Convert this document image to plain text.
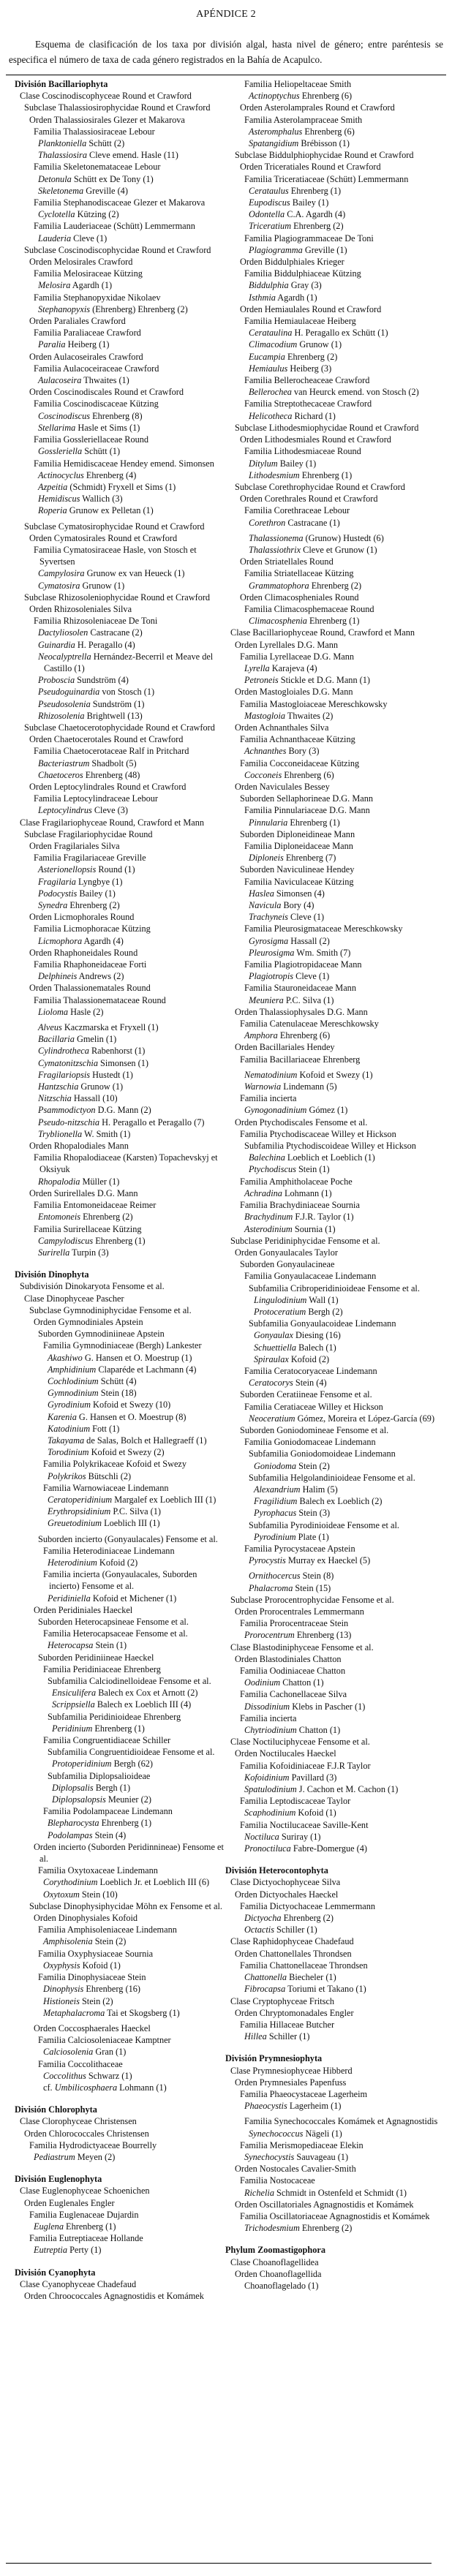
APÉNDICE 2

Esquema de clasificación de los taxa por división algal, hasta nivel de género; entre paréntesis se especifica el número de taxa de cada género registrados en la Bahía de Acapulco.

División Bacillariophyta
Clase Coscinodiscophyceae Round et Crawford
Subclase Thalassiosirophycidae Round et Crawford
Orden Thalassiosirales Glezer et Makarova
Familia Thalassiosiraceae Lebour
Planktoniella Schütt (2)
Thalassiosira Cleve emend. Hasle (11)
Familia Skeletonemataceae Lebour
Detonula Schütt ex De Tony (1)
Skeletonema Greville (4)
Familia Stephanodiscaceae Glezer et Makarova
Cyclotella Kützing (2)
Familia Lauderiaceae (Schütt) Lemmermann
Lauderia Cleve (1)
Subclase Coscinodiscophycidae Round et Crawford
Orden Melosirales Crawford
Familia Melosiraceae Kützing
Melosira Agardh (1)
Familia Stephanopyxidae Nikolaev
Stephanopyxis (Ehrenberg) Ehrenberg (2)
Orden Paraliales Crawford
Familia Paraliaceae Crawford
Paralia Heiberg (1)
Orden Aulacoseirales Crawford
Familia Aulacoceiraceae Crawford
Aulacoseira Thwaites (1)
Orden Coscinodiscales Round et Crawford
Familia Coscinodiscaceae Kützing
Coscinodiscus Ehrenberg (8)
Stellarima Hasle et Sims (1)
Familia Gossleriellaceae Round
Gossleriella Schütt (1)
Familia Hemidiscaceae Hendey emend. Simonsen
Actinocyclus Ehrenberg (4)
Azpeitia (Schmidt) Fryxell et Sims (1)
Hemidiscus Wallich (3)
Roperia Grunow ex Pelletan (1)
Subclase Cymatosirophycidae Round et Crawford
Orden Cymatosirales Round et Crawford
Familia Cymatosiraceae Hasle, von Stosch et Syvertsen
Campylosira Grunow ex van Heueck (1)
Cymatosira Grunow (1)
Subclase Rhizosoleniophycidae Round et Crawford
Orden Rhizosoleniales Silva
Familia Rhizosoleniaceae De Toni
Dactyliosolen Castracane (2)
Guinardia H. Peragallo (4)
Neocalyptrella Hernández-Becerril et Meave del Castillo (1)
Proboscia Sundström (4)
Pseudoguinardia von Stosch (1)
Pseudosolenia Sundström (1)
Rhizosolenia Brightwell (13)
Subclase Chaetocerotophycidade Round et Crawford
Orden Chaetocerotales Round et Crawford
Familia Chaetocerotaceae Ralf in Pritchard
Bacteriastrum Shadbolt (5)
Chaetoceros Ehrenberg (48)
Orden Leptocylindrales Round et Crawford
Familia Leptocylindraceae Lebour
Leptocylindrus Cleve (3)
Clase Fragilariophyceae Round, Crawford et Mann
Subclase Fragilariophycidae Round
Orden Fragilariales Silva
Familia Fragilariaceae Greville
Asterionellopsis Round (1)
Fragilaria Lyngbye (1)
Podocystis Bailey (1)
Synedra Ehrenberg (2)
Orden Licmophorales Round
Familia Licmophoracae Kützing
Licmophora Agardh (4)
Orden Rhaphoneidales Round
Familia Rhaphoneidaceae Forti
Delphineis Andrews (2)
Orden Thalassionematales Round
Familia Thalassionemataceae Round
Lioloma Hasle (2)
Alveus Kaczmarska et Fryxell (1)
Bacillaria Gmelin (1)
Cylindrotheca Rabenhorst (1)
Cymatonitzschia Simonsen (1)
Fragilariopsis Hustedt (1)
Hantzschia Grunow (1)
Nitzschia Hassall (10)
Psammodictyon D.G. Mann (2)
Pseudo-nitzschia H. Peragallo et Peragallo (7)
Tryblionella W. Smith (1)
Orden Rhopalodiales Mann
Familia Rhopalodiaceae (Karsten) Topachevskyj et Oksiyuk
Rhopalodia Müller (1)
Orden Surirellales D.G. Mann
Familia Entomoneidaceae Reimer
Entomoneis Ehrenberg (2)
Familia Surirellaceae Kützing
Campylodiscus Ehrenberg (1)
Surirella Turpin (3)
División Dinophyta
Subdivisión Dinokaryota Fensome et al.
Clase Dinophyceae Pascher
Subclase Gymnodiniphycidae Fensome et al.
Orden Gymnodiniales Apstein
Suborden Gymnodiniineae Apstein
Familia Gymnodiniaceae (Bergh) Lankester
Akashiwo G. Hansen et O. Moestrup (1)
Amphidinium Claparéde et Lachmann (4)
Cochlodinium Schütt (4)
Gymnodinium Stein (18)
Gyrodinium Kofoid et Swezy (10)
Karenia G. Hansen et O. Moestrup (8)
Katodinium Fott (1)
Takayama de Salas, Bolch et Hallegraeff (1)
Torodinium Kofoid et Swezy (2)
Familia Polykrikaceae Kofoid et Swezy
Polykrikos Bütschli (2)
Familia Warnowiaceae Lindemann
Ceratoperidinium Margalef ex Loeblich III (1)
Erythropsidinium P.C. Silva (1)
Greuetodinium Loeblich III (1)
Suborden incierto (Gonyaulacales) Fensome et al.
Familia Heterodiniaceae Lindemann
Heterodinium Kofoid (2)
Familia incierta (Gonyaulacales, Suborden incierto) Fensome et al.
Peridiniella Kofoid et Michener (1)
Orden Peridiniales Haeckel
Suborden Heterocapsineae Fensome et al.
Familia Heterocapsaceae Fensome et al.
Heterocapsa Stein (1)
Suborden Peridiniineae Haeckel
Familia Peridiniaceae Ehrenberg
Subfamilia Calciodinelloideae Fensome et al.
Ensiculifera Balech ex Cox et Arnott (2)
Scrippsiella Balech ex Loeblich III (4)
Subfamilia Peridinioideae Ehrenberg
Peridinium Ehrenberg (1)
Familia Congruentidiaceae Schiller
Subfamilia Congruentidioideae Fensome et al.
Protoperidinium Bergh (62)
Subfamilia Diplopsalioideae
Diplopsalis Bergh (1)
Diplopsalopsis Meunier (2)
Familia Podolampaceae Lindemann
Blepharocysta Ehrenberg (1)
Podolampas Stein (4)
Orden incierto (Suborden Peridinnineae) Fensome et al.
Familia Oxytoxaceae Lindemann
Corythodinium Loeblich Jr. et Loeblich III (6)
Oxytoxum Stein (10)
Subclase Dinophysiphycidae Möhn ex Fensome et al.
Orden Dinophysiales Kofoid
Familia Amphisoleniaceae Lindemann
Amphisolenia Stein (2)
Familia Oxyphysiaceae Sournia
Oxyphysis Kofoid (1)
Familia Dinophysiaceae Stein
Dinophysis Ehrenberg (16)
Histioneis Stein (2)
Metaphalacroma Tai et Skogsberg (1)
Orden Coccosphaerales Haeckel
Familia Calciosoleniaceae Kamptner
Calciosolenia Gran (1)
Familia Coccolithaceae
Coccolithus Schwarz (1)
cf. Umbilicosphaera Lohmann (1)
División Chlorophyta
Clase Clorophyceae Christensen
Orden Chlorococcales Christensen
Familia Hydrodictyaceae Bourrelly
Pediastrum Meyen (2)
División Euglenophyta
Clase Euglenophyceae Schoenichen
Orden Euglenales Engler
Familia Euglenaceae Dujardin
Euglena Ehrenberg (1)
Familia Eutreptiaceae Hollande
Eutreptia Perty (1)
División Cyanophyta
Clase Cyanophyceae Chadefaud
Orden Chroococcales Agnagnostidis et Komámek
Familia Heliopeltaceae Smith
Actinoptychus Ehrenberg (6)
Orden Asterolamprales Round et Crawford
Familia Asterolampraceae Smith
Asteromphalus Ehrenberg (6)
Spatangidium Brébisson (1)
Subclase Biddulphiophycidae Round et Crawford
Orden Triceratiales Round et Crawford
Familia Triceratiaceae (Schütt) Lemmermann
Cerataulus Ehrenberg (1)
Eupodiscus Bailey (1)
Odontella C.A. Agardh (4)
Triceratium Ehrenberg (2)
Familia Plagiogrammaceae De Toni
Plagiogramma Greville (1)
Orden Biddulphiales Krieger
Familia Biddulphiaceae Kützing
Biddulphia Gray (3)
Isthmia Agardh (1)
Orden Hemiaulales Round et Crawford
Familia Hemiaulaceae Heiberg
Cerataulina H. Peragallo ex Schütt (1)
Climacodium Grunow (1)
Eucampia Ehrenberg (2)
Hemiaulus Heiberg (3)
Familia Bellerocheaceae Crawford
Bellerochea van Heurck emend. von Stosch (2)
Familia Streptothecaceae Crawford
Helicotheca Richard (1)
Subclase Lithodesmiophycidae Round et Crawford
Orden Lithodesmiales Round et Crawford
Familia Lithodesmiaceae Round
Ditylum Bailey (1)
Lithodesmium Ehrenberg (1)
Subclase Corethrophycidae Round et Crawford
Orden Corethrales Round et Crawford
Familia Corethraceae Lebour
Corethron Castracane (1)
Thalassionema (Grunow) Hustedt (6)
Thalassiothrix Cleve et Grunow (1)
Orden Striatellales Round
Familia Striatellaceae Kützing
Grammatophora Ehrenberg (2)
Orden Climacospheniales Round
Familia Climacosphemaceae Round
Climacosphenia Ehrenberg (1)
Clase Bacillariophyceae Round, Crawford et Mann
Orden Lyrellales D.G. Mann
Familia Lyrellaceae D.G. Mann
Lyrella Karajeva (4)
Petroneis Stickle et D.G. Mann (1)
Orden Mastogloiales D.G. Mann
Familia Mastogloiaceae Mereschkowsky
Mastogloia Thwaites (2)
Orden Achnanthales Silva
Familia Achnanthaceae Kützing
Achnanthes Bory (3)
Familia Cocconeidaceae Kützing
Cocconeis Ehrenberg (6)
Orden Naviculales Bessey
Suborden Sellaphorineae D.G. Mann
Familia Pinnulariaceae D.G. Mann
Pinnularia Ehrenberg (1)
Suborden Diploneidineae Mann
Familia Diploneidaceae Mann
Diploneis Ehrenberg (7)
Suborden Naviculineae Hendey
Familia Naviculaceae Kützing
Haslea Simonsen (4)
Navicula Bory (4)
Trachyneis Cleve (1)
Familia Pleurosigmataceae Mereschkowsky
Gyrosigma Hassall (2)
Pleurosigma Wm. Smith (7)
Familia Plagiotropidaceae Mann
Plagiotropis Cleve (1)
Familia Stauroneidaceae Mann
Meuniera P.C. Silva (1)
Orden Thalassiophysales D.G. Mann
Familia Catenulaceae Mereschkowsky
Amphora Ehrenberg (6)
Orden Bacillariales Hendey
Familia Bacillariaceae Ehrenberg
Nematodinium Kofoid et Swezy (1)
Warnowia Lindemann (5)
Familia incierta
Gynogonadinium Gómez (1)
Orden Ptychodiscales Fensome et al.
Familia Ptychodiscaceae Willey et Hickson
Subfamilia Ptychodiscoideae Willey et Hickson
Balechina Loeblich et Loeblich (1)
Ptychodiscus Stein (1)
Familia Amphitholaceae Poche
Achradina Lohmann (1)
Familia Brachydiniaceae Sournia
Brachydinum F.J.R. Taylor (1)
Asterodinium Sournia (1)
Subclase Peridiniphycidae Fensome et al.
Orden Gonyaulacales Taylor
Suborden Gonyaulacineae
Familia Gonyaulacaceae Lindemann
Subfamilia Cribroperidinioideae Fensome et al.
Lingulodinium Wall (1)
Protoceratium Bergh (2)
Subfamilia Gonyaulacoideae Lindemann
Gonyaulax Diesing (16)
Schuettiella Balech (1)
Spiraulax Kofoid (2)
Familia Ceratocoryaceae Lindemann
Ceratocorys Stein (4)
Suborden Ceratiineae Fensome et al.
Familia Ceratiaceae Willey et Hickson
Neoceratium Gómez, Moreira et López-García (69)
Suborden Goniodomineae Fensome et al.
Familia Goniodomaceae Lindemann
Subfamilia Goniodomoideae Lindemann
Goniodoma Stein (2)
Subfamilia Helgolandinioideae Fensome et al.
Alexandrium Halim (5)
Fragilidium Balech ex Loeblich (2)
Pyrophacus Stein (3)
Subfamilia Pyrodinioideae Fensome et al.
Pyrodinium Plate (1)
Familia Pyrocystaceae Apstein
Pyrocystis Murray ex Haeckel (5)
Ornithocercus Stein (8)
Phalacroma Stein (15)
Subclase Prorocentrophycidae Fensome et al.
Orden Prorocentrales Lemmermann
Familia Prorocentraceae Stein
Prorocentrum Ehrenberg (13)
Clase Blastodiniphyceae Fensome et al.
Orden Blastodiniales Chatton
Familia Oodiniaceae Chatton
Oodinium Chatton (1)
Familia Cachonellaceae Silva
Dissodinium Klebs in Pascher (1)
Familia incierta
Chytriodinium Chatton (1)
Clase Noctiluciphyceae Fensome et al.
Orden Noctilucales Haeckel
Familia Kofoidiniaceae F.J.R Taylor
Kofoidinium Pavillard (3)
Spatulodinium J. Cachon et M. Cachon (1)
Familia Leptodiscaceae Taylor
Scaphodinium Kofoid (1)
Familia Noctilucaceae Saville-Kent
Noctiluca Suriray (1)
Pronoctiluca Fabre-Domergue (4)
División Heterocontophyta
Clase Dictyochophyceae Silva
Orden Dictyochales Haeckel
Familia Dictyochaceae Lemmermann
Dictyocha Ehrenberg (2)
Octactis Schiller (1)
Clase Raphidophyceae Chadefaud
Orden Chattonellales Throndsen
Familia Chattonellaceae Throndsen
Chattonella Biecheler (1)
Fibrocapsa Toriumi et Takano (1)
Clase Cryptophyceae Fritsch
Orden Chryptomonadales Engler
Familia Hillaceae Butcher
Hillea Schiller (1)
División Prymnesiophyta
Clase Prymnesiophyceae Hibberd
Orden Prymnesiales Papenfuss
Familia Phaeocystaceae Lagerheim
Phaeocystis Lagerheim (1)
Familia Synechococcales Komámek et Agnagnostidis
Synechococcus Nägeli (1)
Familia Merismopediaceae Elekin
Synechocystis Sauvageau (1)
Orden Nostocales Cavalier-Smith
Familia Nostocaceae
Richelia Schmidt in Ostenfeld et Schmidt (1)
Orden Oscillatoriales Agnagnostidis et Komámek
Familia Oscillatoriaceae Agnagnostidis et Komámek
Trichodesmium Ehrenberg (2)
Phylum Zoomastigophora
Clase Choanoflagellidea
Orden Choanoflagellida
Choanoflagelado (1)
